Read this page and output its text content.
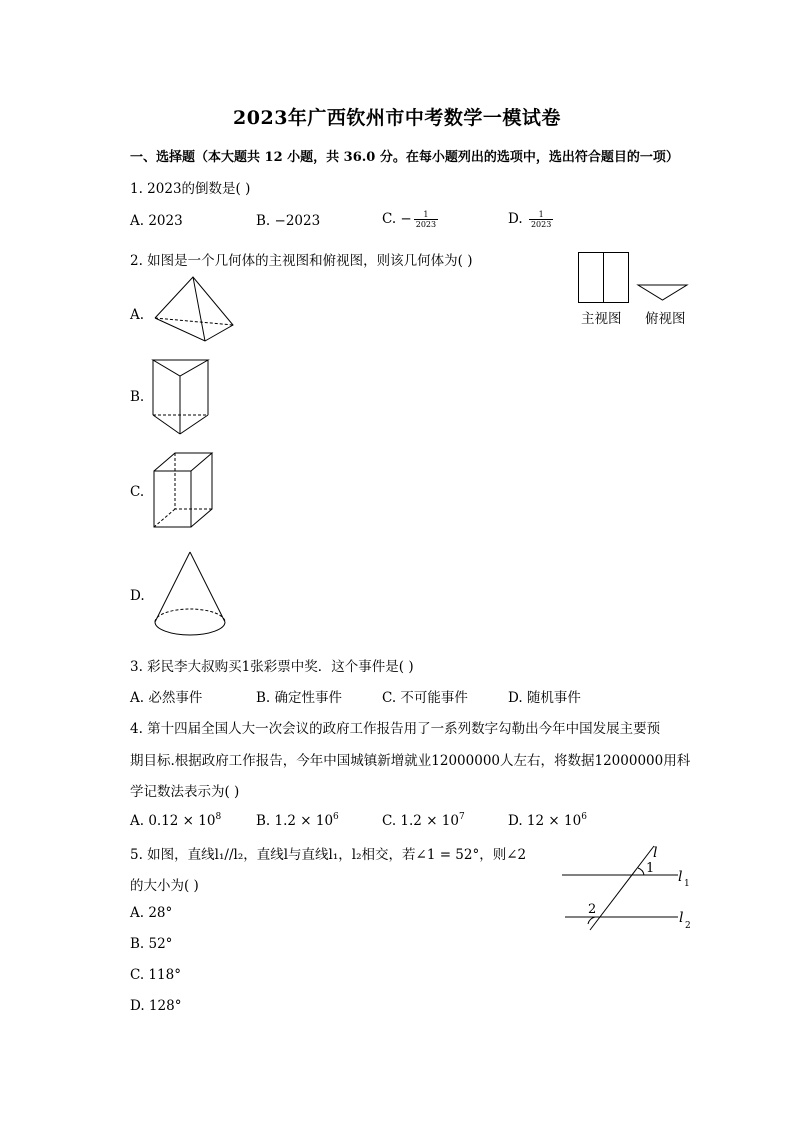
2023年广西钦州市中考数学一模试卷
一、选择题（本大题共 12 小题，共 36.0 分。在每小题列出的选项中，选出符合题目的一项）
1. 2023的倒数是( )
A. 2023	B. −2023	C. − $\frac{1}{2023}$	D. $\frac{1}{2023}$
2. 如图是一个几何体的主视图和俯视图，则该几何体为( )
主视图 俯视图
A.
B.
C.
D.
3. 彩民李大叔购买1张彩票中奖．这个事件是( )
A. 必然事件	B. 确定性事件	C. 不可能事件	D. 随机事件
4. 第十四届全国人大一次会议的政府工作报告用了一系列数字勾勒出今年中国发展主要预
期目标.根据政府工作报告，今年中国城镇新增就业12000000人左右，将数据12000000用科
学记数法表示为( )
A. $0.12 \times 10^8$	B. $1.2 \times 10^6$	C. $1.2 \times 10^7$	D. $12 \times 10^6$
5. 如图，直线l₁//l₂，直线l与直线l₁，l₂相交，若∠1 = 52°，则∠2
的大小为( )
A. 28°
B. 52°
C. 118°
D. 128°
l
1
l 1
2
l 2
